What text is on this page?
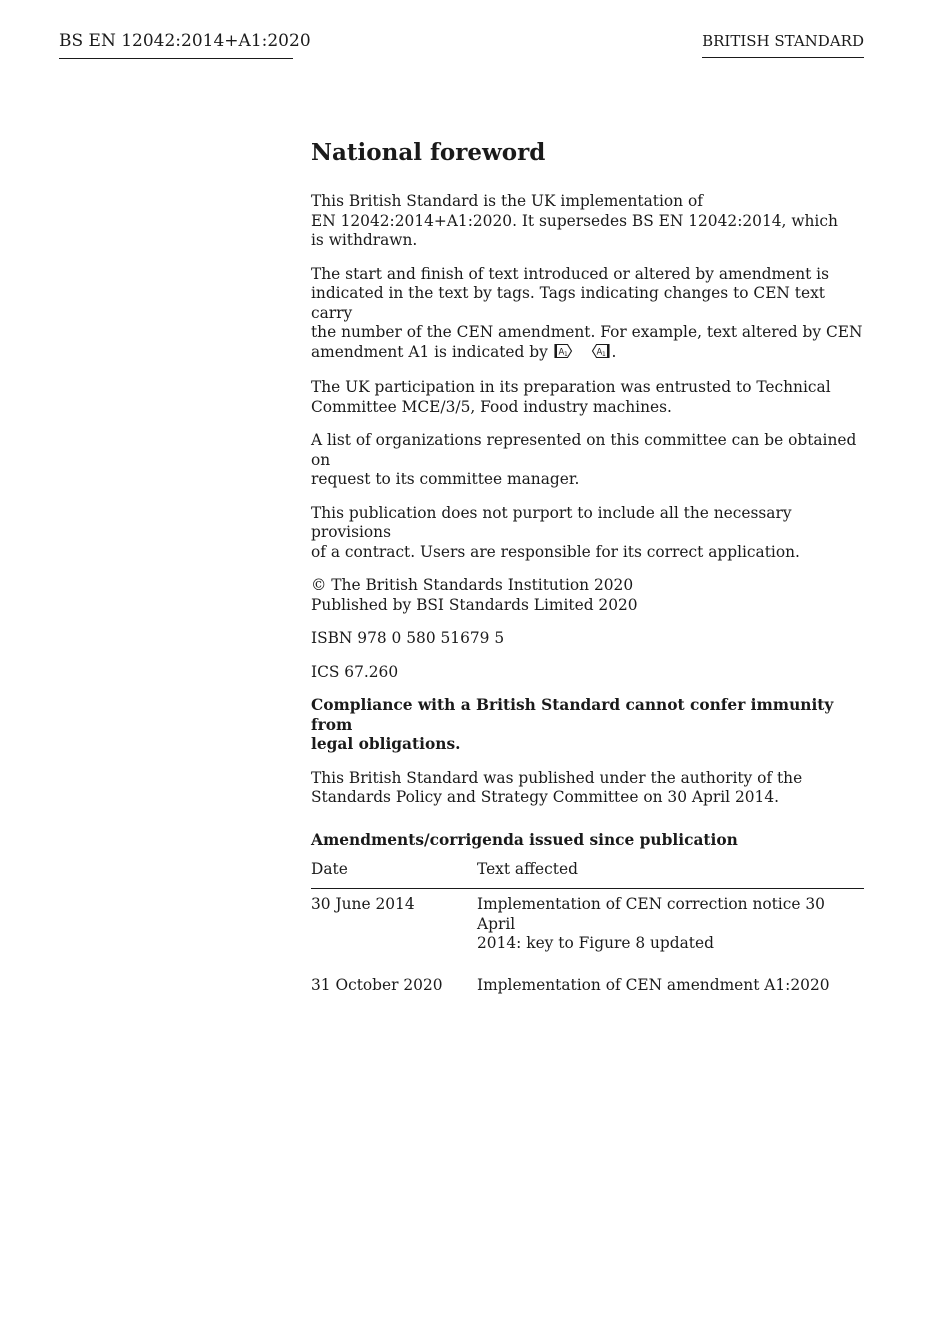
BS EN 12042:2014+A1:2020	BRITISH STANDARD
National foreword

This British Standard is the UK implementation of
EN 12042:2014+A1:2020. It supersedes BS EN 12042:2014, which
is withdrawn.

The start and finish of text introduced or altered by amendment is
indicated in the text by tags. Tags indicating changes to CEN text carry
the number of the CEN amendment. For example, text altered by CEN
amendment A1 is indicated by A 1
	A 1 .

The UK participation in its preparation was entrusted to Technical
Committee MCE/3/5, Food industry machines.

A list of organizations represented on this committee can be obtained on
request to its committee manager.

This publication does not purport to include all the necessary provisions
of a contract. Users are responsible for its correct application.

© The British Standards Institution 2020
Published by BSI Standards Limited 2020

ISBN 978 0 580 51679 5

ICS 67.260

Compliance with a British Standard cannot confer immunity from
legal obligations.

This British Standard was published under the authority of the
Standards Policy and Strategy Committee on 30 April 2014.

Amendments/corrigenda issued since publication
Date	Text affected
30 June 2014	Implementation of CEN correction notice 30 April
2014: key to Figure 8 updated
31 October 2020	Implementation of CEN amendment A1:2020
